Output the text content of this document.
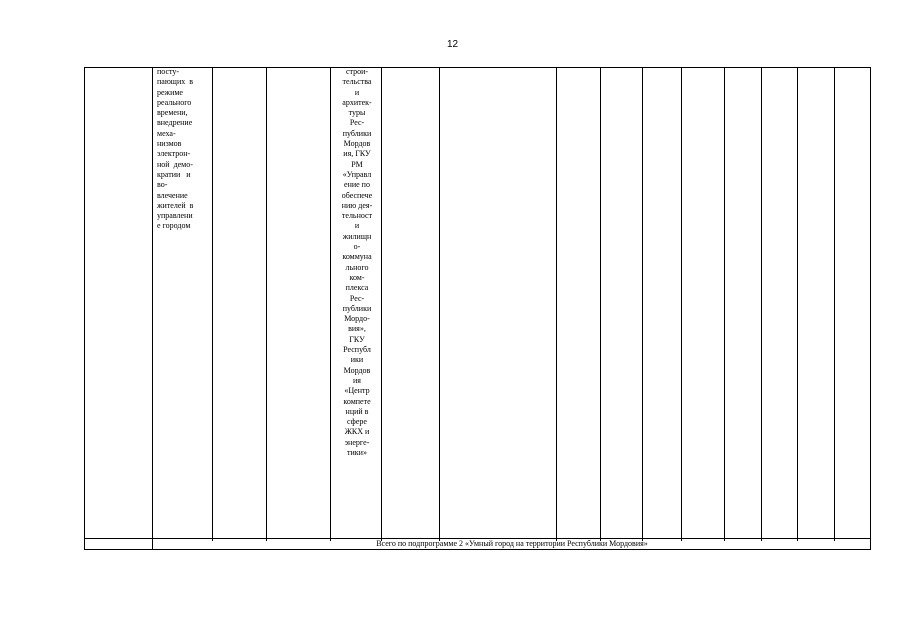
12
посту-
пающих  в
режиме
реального
времени,
внедрение
меха-
низмов
электрон-
ной  демо-
кратии   и
во-
влечение
жителей  в
управлени
е городом
строи-
тельства
и
архитек-
туры
Рес-
публики
Мордов
ия, ГКУ
РМ
«Управл
ение по
обеспече
нию дея-
тельност
и
жилищн
о-
коммуна
льного
ком-
плекса
Рес-
публики
Мордо-
вия»,
ГКУ
Республ
ики
Мордов
ия
«Центр
компете
нций в
сфере
ЖКХ и
энергe-
тики»
Всего по подпрограмме 2 «Умный город на территории Республики Мордовия»
